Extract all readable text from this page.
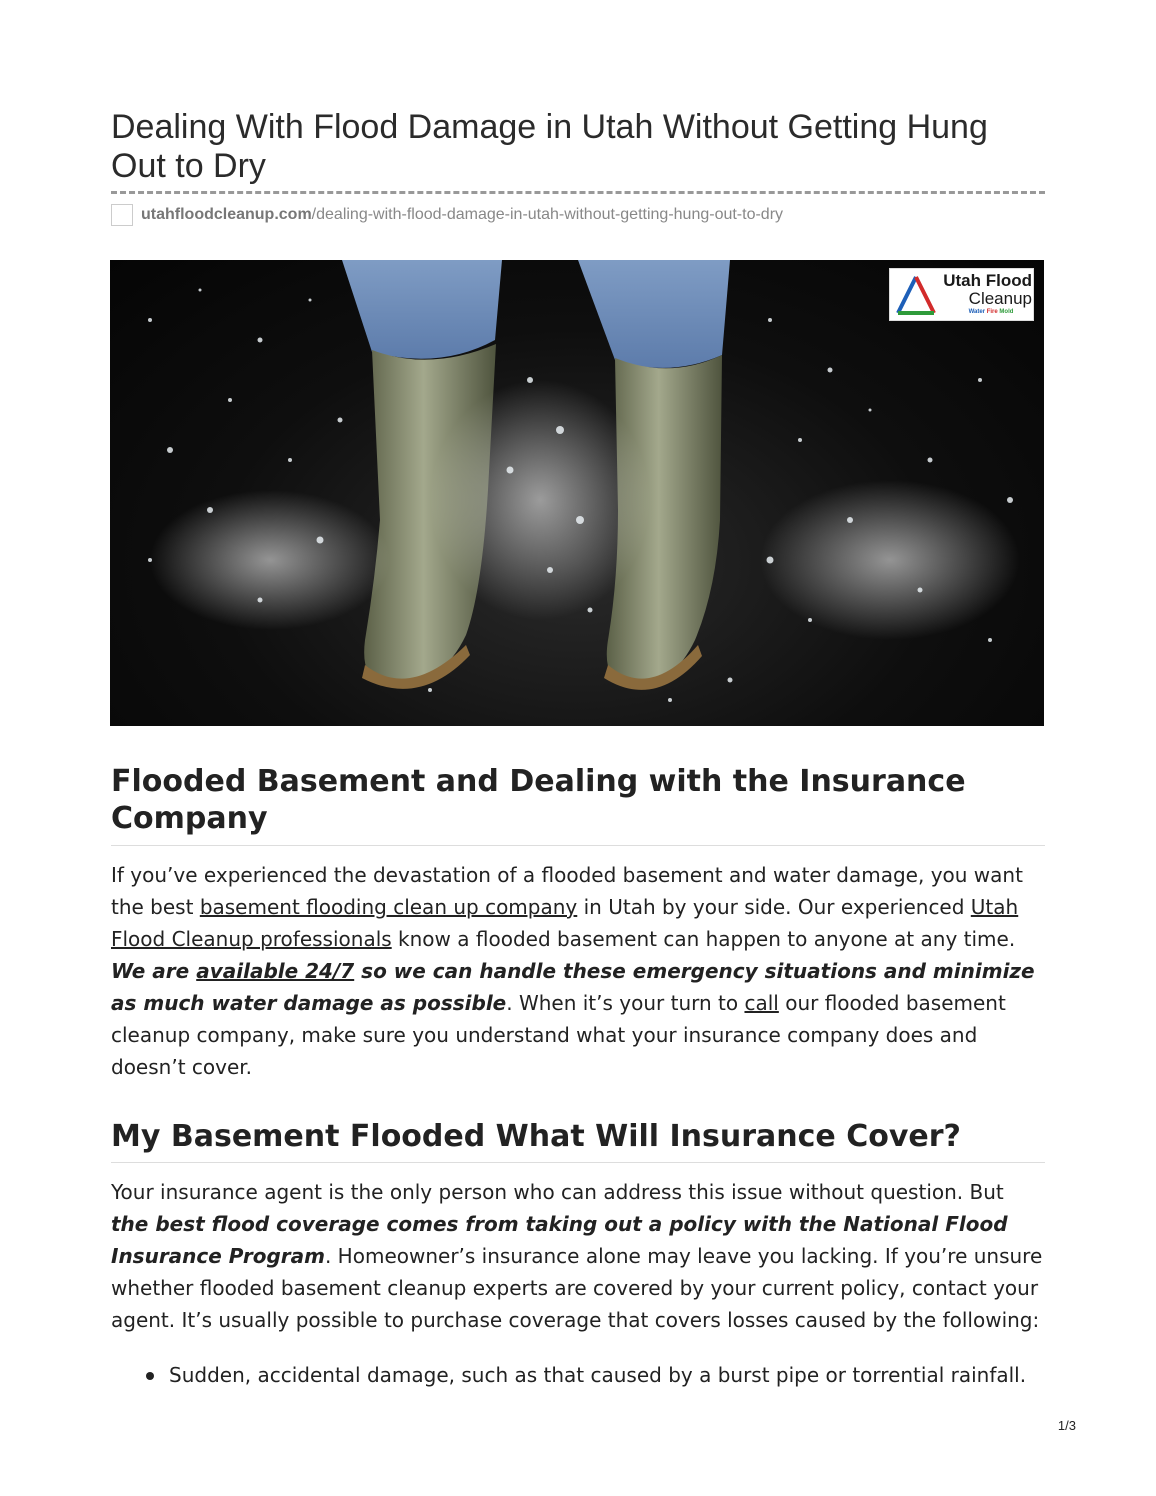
Dealing With Flood Damage in Utah Without Getting Hung Out to Dry
utahfloodcleanup.com /dealing-with-flood-damage-in-utah-without-getting-hung-out-to-dry
Utah Flood
Cleanup
Water Fire Mold
Flooded Basement and Dealing with the Insurance Company

If you’ve experienced the devastation of a flooded basement and water damage, you want the best basement flooding clean up company in Utah by your side. Our experienced Utah Flood Cleanup professionals know a flooded basement can happen to anyone at any time. We are available 24/7 so we can handle these emergency situations and minimize as much water damage as possible. When it’s your turn to call our flooded basement cleanup company, make sure you understand what your insurance company does and doesn’t cover.

My Basement Flooded What Will Insurance Cover?

Your insurance agent is the only person who can address this issue without question. But the best flood coverage comes from taking out a policy with the National Flood Insurance Program. Homeowner’s insurance alone may leave you lacking. If you’re unsure whether flooded basement cleanup experts are covered by your current policy, contact your agent. It’s usually possible to purchase coverage that covers losses caused by the following:

Sudden, accidental damage, such as that caused by a burst pipe or torrential rainfall.
1/3
